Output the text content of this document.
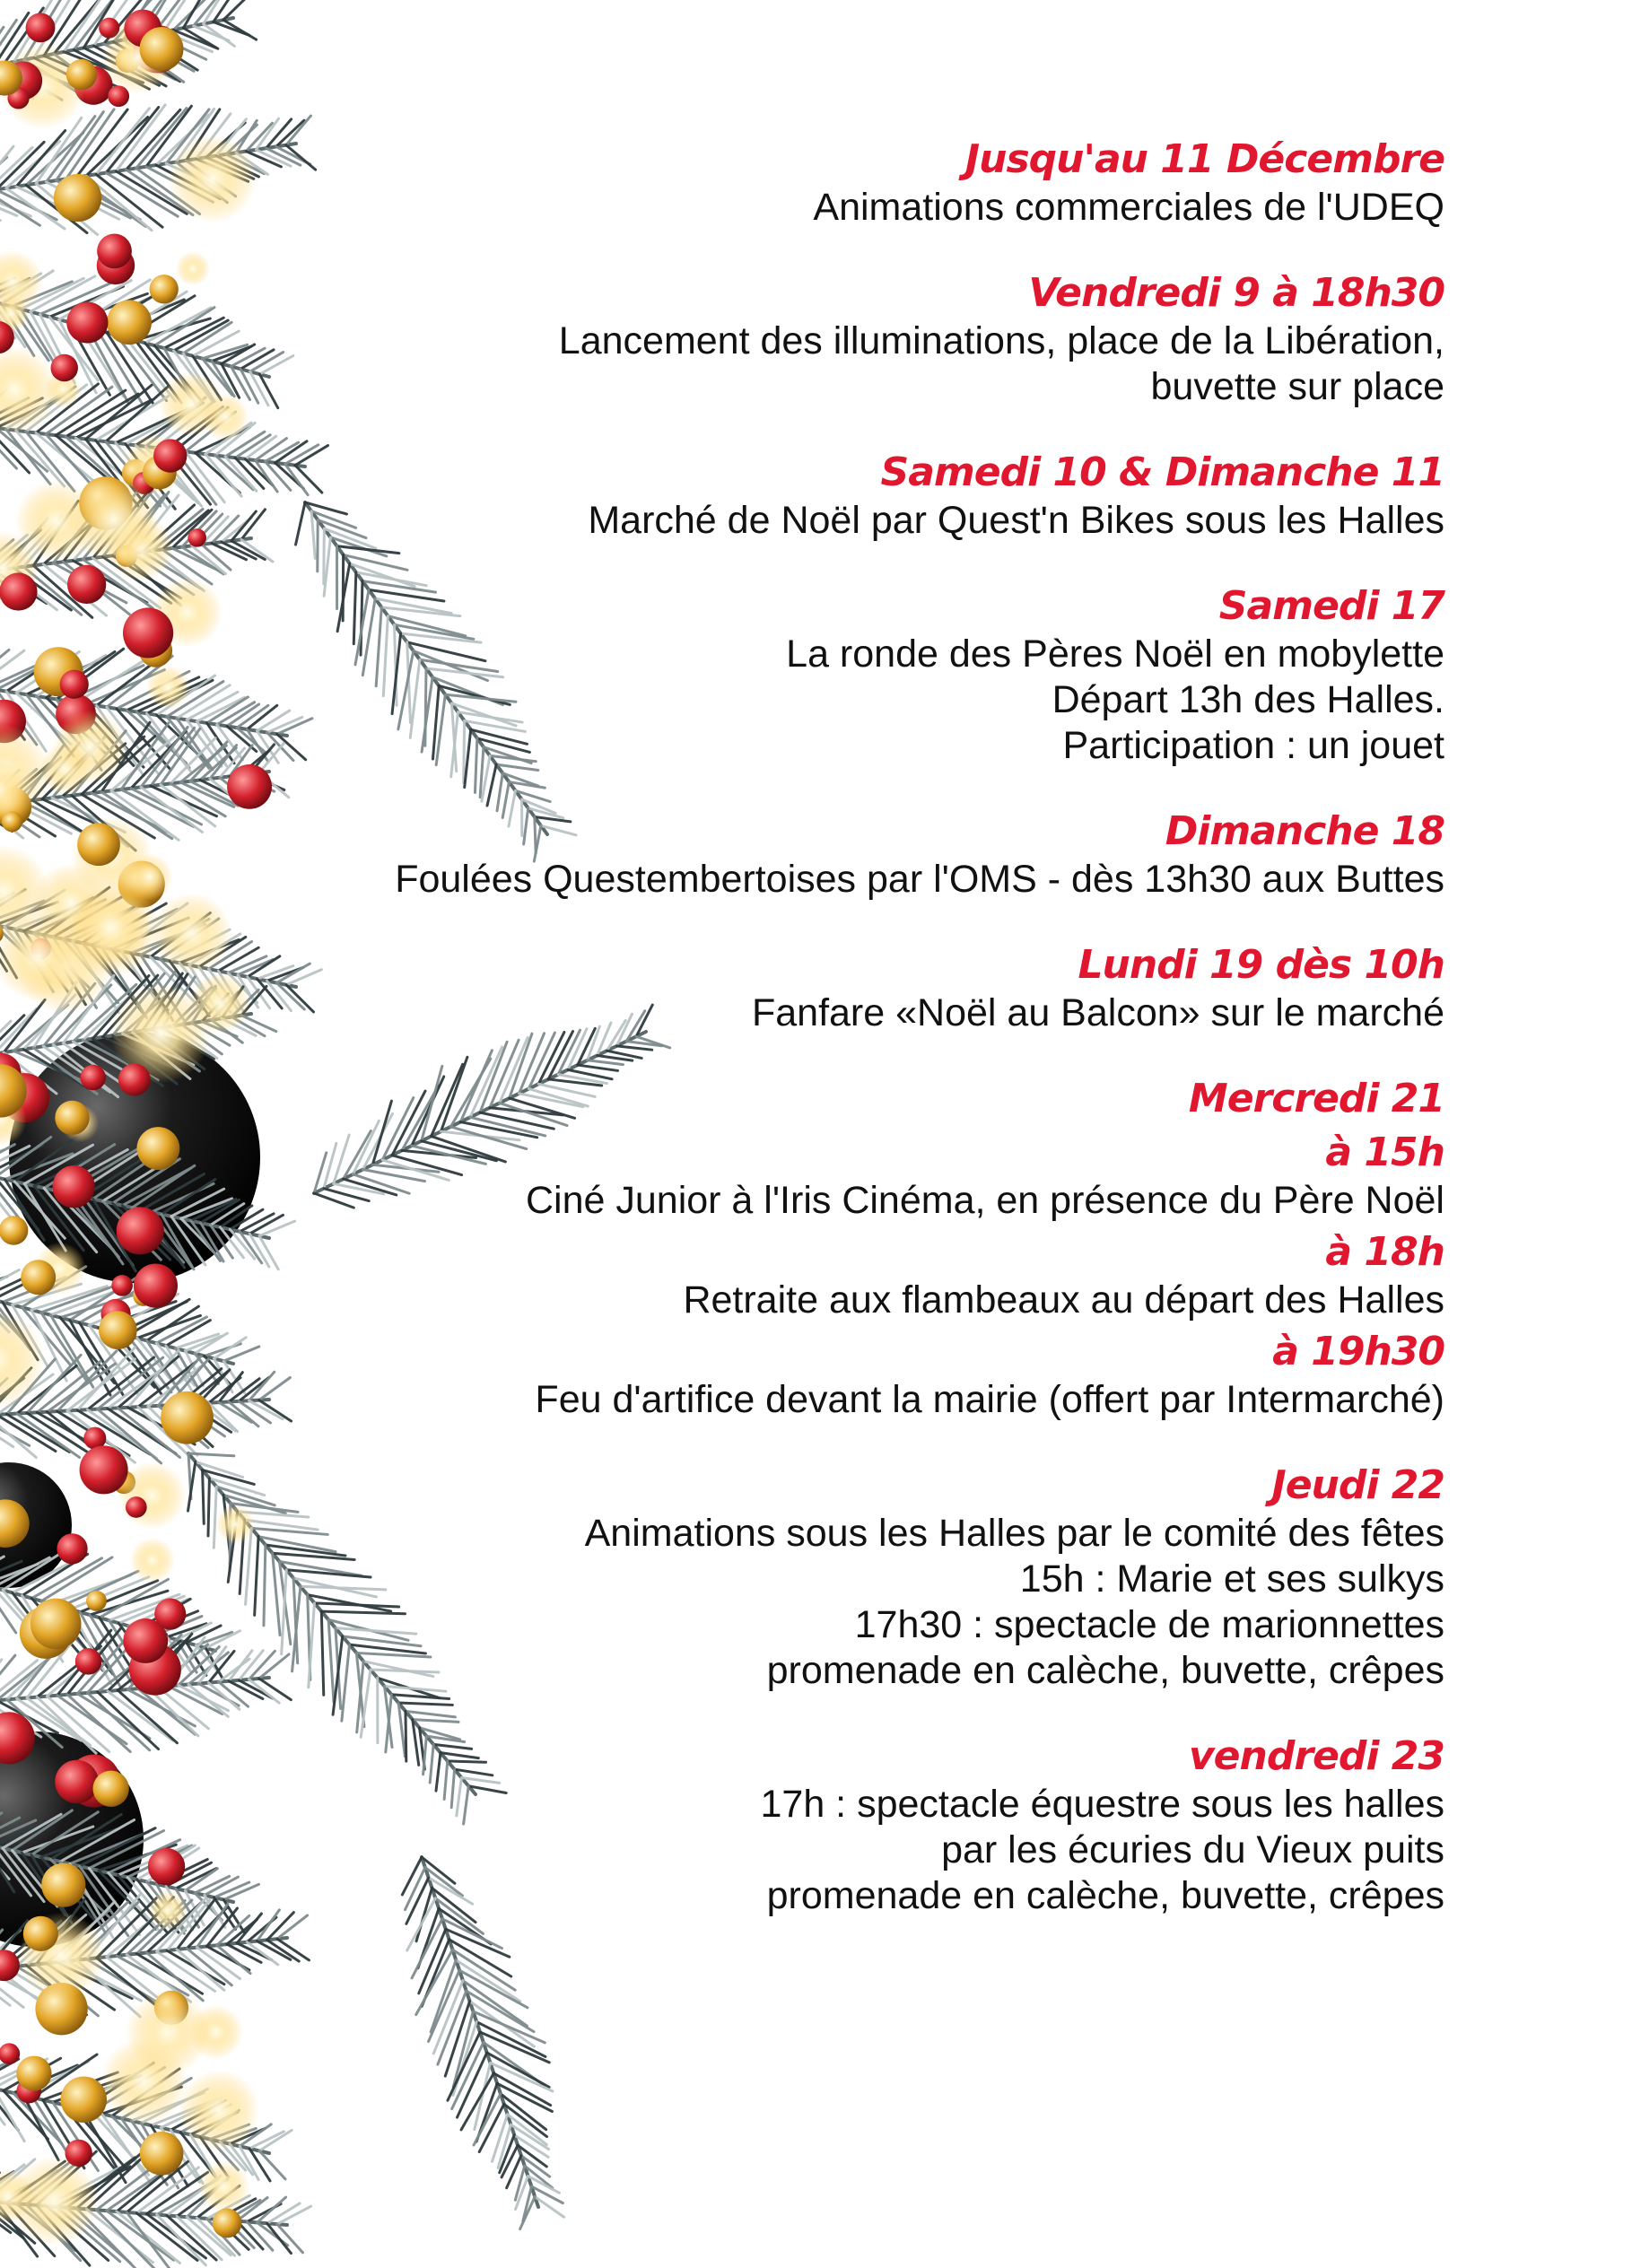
Jusqu'au 11 Décembre
Animations commerciales de l'UDEQ
Vendredi 9 à 18h30
Lancement des illuminations, place de la Libération,
buvette sur place
Samedi 10 & Dimanche 11
Marché de Noël par Quest'n Bikes sous les Halles
Samedi 17
La ronde des Pères Noël en mobylette
Départ 13h des Halles.
Participation : un jouet
Dimanche 18
Foulées Questembertoises par l'OMS - dès 13h30 aux Buttes
Lundi 19 dès 10h
Fanfare «Noël au Balcon» sur le marché
Mercredi 21
à 15h
Ciné Junior à l'Iris Cinéma, en présence du Père Noël
à 18h
Retraite aux flambeaux au départ des Halles
à 19h30
Feu d'artifice devant la mairie (offert par Intermarché)
Jeudi 22
Animations sous les Halles par le comité des fêtes
15h : Marie et ses sulkys
17h30 : spectacle de marionnettes
promenade en calèche, buvette, crêpes
vendredi 23
17h : spectacle équestre sous les halles
par les écuries du Vieux puits
promenade en calèche, buvette, crêpes
